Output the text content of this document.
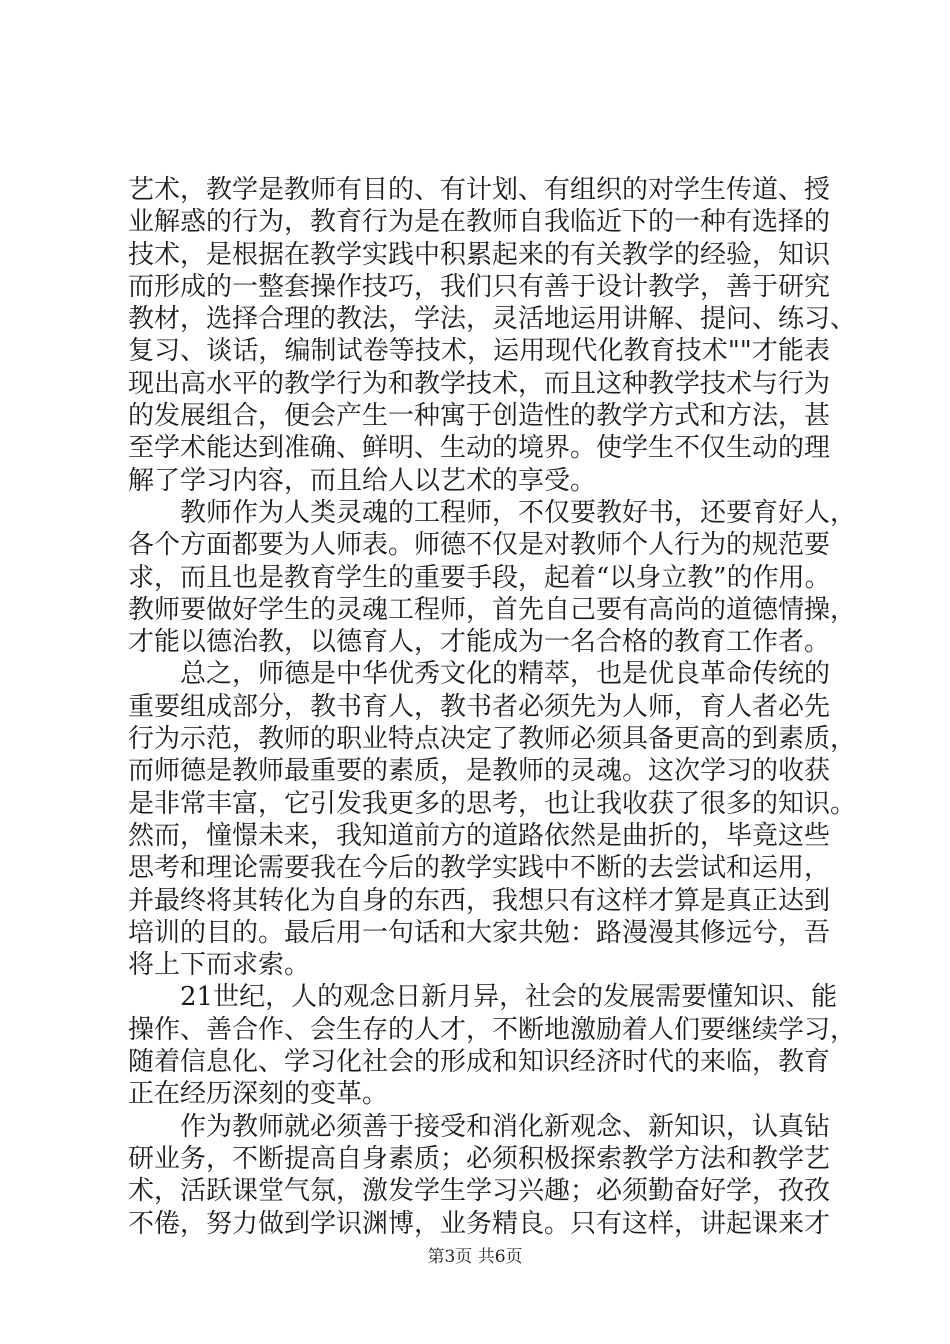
艺术，教学是教师有目的、有计划、有组织的对学生传道、授
业解惑的行为，教育行为是在教师自我临近下的一种有选择的
技术，是根据在教学实践中积累起来的有关教学的经验，知识
而形成的一整套操作技巧，我们只有善于设计教学，善于研究
教材，选择合理的教法，学法，灵活地运用讲解、提问、练习、
复习、谈话，编制试卷等技术，运用现代化教育技术""才能表
现出高水平的教学行为和教学技术，而且这种教学技术与行为
的发展组合，便会产生一种寓于创造性的教学方式和方法，甚
至学术能达到准确、鲜明、生动的境界。使学生不仅生动的理
解了学习内容，而且给人以艺术的享受。
教师作为人类灵魂的工程师，不仅要教好书，还要育好人，
各个方面都要为人师表。师德不仅是对教师个人行为的规范要
求，而且也是教育学生的重要手段，起着“以身立教”的作用。
教师要做好学生的灵魂工程师，首先自己要有高尚的道德情操，
才能以德治教，以德育人，才能成为一名合格的教育工作者。
总之，师德是中华优秀文化的精萃，也是优良革命传统的
重要组成部分，教书育人，教书者必须先为人师，育人者必先
行为示范，教师的职业特点决定了教师必须具备更高的到素质，
而师德是教师最重要的素质，是教师的灵魂。这次学习的收获
是非常丰富，它引发我更多的思考，也让我收获了很多的知识。
然而，憧憬未来，我知道前方的道路依然是曲折的，毕竟这些
思考和理论需要我在今后的教学实践中不断的去尝试和运用，
并最终将其转化为自身的东西，我想只有这样才算是真正达到
培训的目的。最后用一句话和大家共勉：路漫漫其修远兮，吾
将上下而求索。
21世纪，人的观念日新月异，社会的发展需要懂知识、能
操作、善合作、会生存的人才，不断地激励着人们要继续学习，
随着信息化、学习化社会的形成和知识经济时代的来临，教育
正在经历深刻的变革。
作为教师就必须善于接受和消化新观念、新知识，认真钻
研业务，不断提高自身素质；必须积极探索教学方法和教学艺
术，活跃课堂气氛，激发学生学习兴趣；必须勤奋好学，孜孜
不倦，努力做到学识渊博，业务精良。只有这样，讲起课来才
第3页 共6页
